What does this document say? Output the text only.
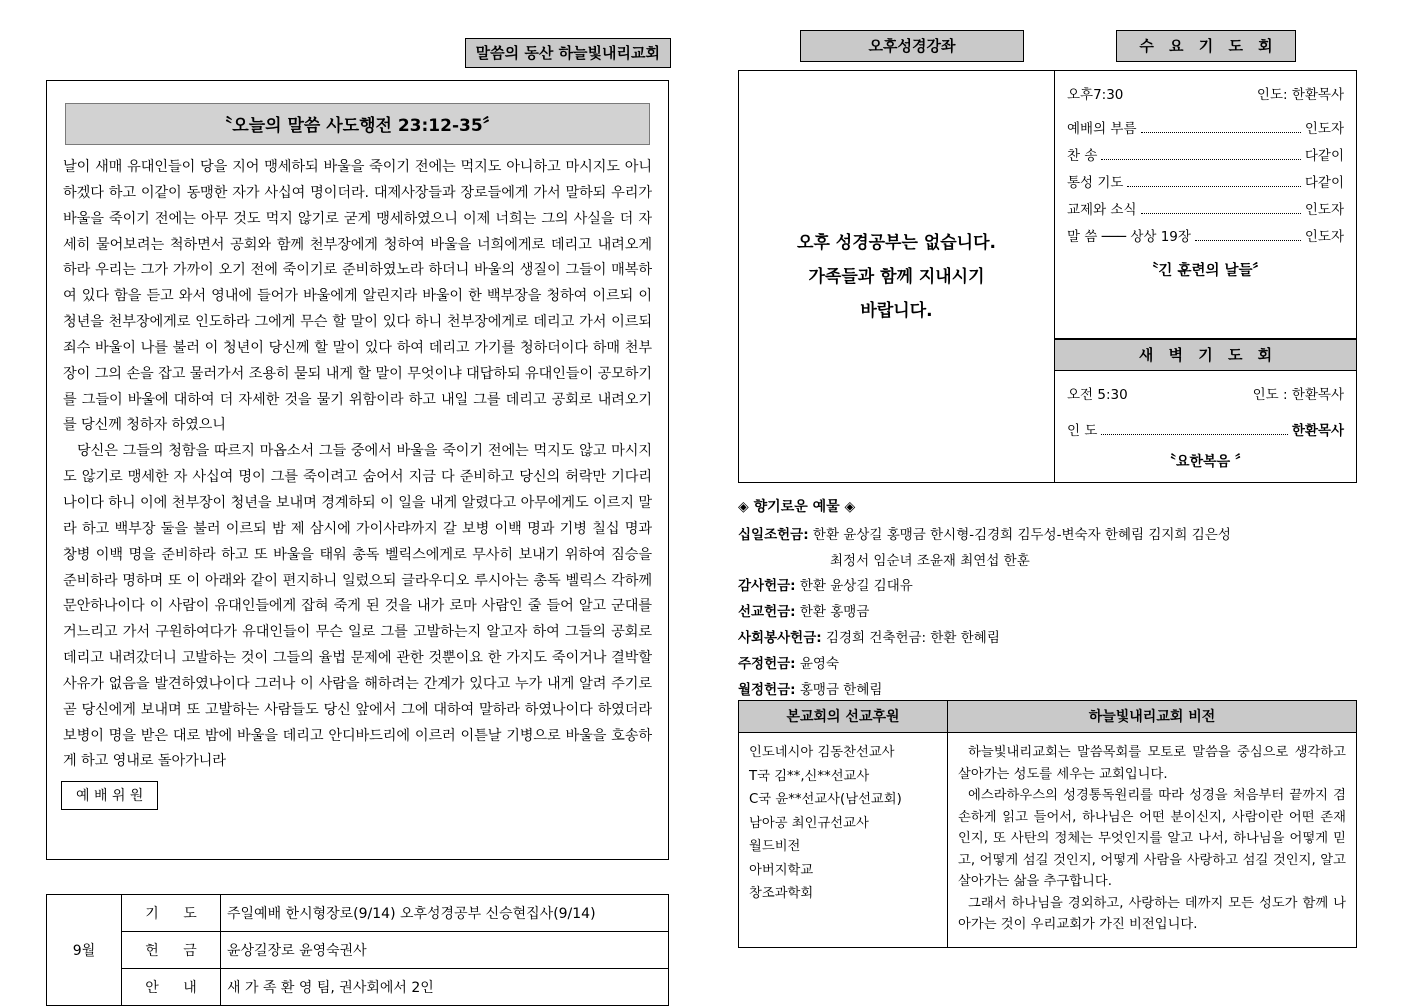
말씀의 동산 하늘빛내리교회
〝오늘의 말씀 사도행전 23:12-35〞

날이 새매 유대인들이 당을 지어 맹세하되 바울을 죽이기 전에는 먹지도 아니하고 마시지도 아니하겠다 하고 이같이 동맹한 자가 사십여 명이더라. 대제사장들과 장로들에게 가서 말하되 우리가 바울을 죽이기 전에는 아무 것도 먹지 않기로 굳게 맹세하였으니 이제 너희는 그의 사실을 더 자세히 물어보려는 척하면서 공회와 함께 천부장에게 청하여 바울을 너희에게로 데리고 내려오게 하라 우리는 그가 가까이 오기 전에 죽이기로 준비하였노라 하더니 바울의 생질이 그들이 매복하여 있다 함을 듣고 와서 영내에 들어가 바울에게 알린지라 바울이 한 백부장을 청하여 이르되 이 청년을 천부장에게로 인도하라 그에게 무슨 할 말이 있다 하니 천부장에게로 데리고 가서 이르되 죄수 바울이 나를 불러 이 청년이 당신께 할 말이 있다 하여 데리고 가기를 청하더이다 하매 천부장이 그의 손을 잡고 물러가서 조용히 묻되 내게 할 말이 무엇이냐 대답하되 유대인들이 공모하기를 그들이 바울에 대하여 더 자세한 것을 물기 위함이라 하고 내일 그를 데리고 공회로 내려오기를 당신께 청하자 하였으니

당신은 그들의 청함을 따르지 마옵소서 그들 중에서 바울을 죽이기 전에는 먹지도 않고 마시지도 않기로 맹세한 자 사십여 명이 그를 죽이려고 숨어서 지금 다 준비하고 당신의 허락만 기다리나이다 하니 이에 천부장이 청년을 보내며 경계하되 이 일을 내게 알렸다고 아무에게도 이르지 말라 하고 백부장 둘을 불러 이르되 밤 제 삼시에 가이사랴까지 갈 보병 이백 명과 기병 칠십 명과 창병 이백 명을 준비하라 하고 또 바울을 태워 총독 벨릭스에게로 무사히 보내기 위하여 짐승을 준비하라 명하며 또 이 아래와 같이 편지하니 일렀으되 글라우디오 루시아는 총독 벨릭스 각하께 문안하나이다 이 사람이 유대인들에게 잡혀 죽게 된 것을 내가 로마 사람인 줄 들어 알고 군대를 거느리고 가서 구원하여다가 유대인들이 무슨 일로 그를 고발하는지 알고자 하여 그들의 공회로 데리고 내려갔더니 고발하는 것이 그들의 율법 문제에 관한 것뿐이요 한 가지도 죽이거나 결박할 사유가 없음을 발견하였나이다 그러나 이 사람을 해하려는 간계가 있다고 누가 내게 알려 주기로 곧 당신에게 보내며 또 고발하는 사람들도 당신 앞에서 그에 대하여 말하라 하였나이다 하였더라 보병이 명을 받은 대로 밤에 바울을 데리고 안디바드리에 이르러 이튿날 기병으로 바울을 호송하게 하고 영내로 돌아가니라

예 배 위 원
9월	기 도	주일예배 한시형장로(9/14) 오후성경공부 신승현집사(9/14)
	헌 금	윤상길장로 윤영숙권사
	안 내	새 가 족 환 영 팀, 권사회에서 2인
오후성경강좌	수 요 기 도 회
오후 성경공부는 없습니다.
가족들과 함께 지내시기
바랍니다.
오후7:30	인도: 한환목사
예배의 부름	인도자
찬 송	다같이
통성 기도	다같이
교제와 소식	인도자
말 씀 ─── 상상 19장	인도자
〝긴 훈련의 날들〞
새 벽 기 도 회
오전 5:30	인도 : 한환목사
인 도	한환목사
〝요한복음 〞
◈ 향기로운 예물 ◈
십일조헌금: 한환 윤상길 홍맹금 한시형-김경희 김두성-변숙자 한혜림 김지희 김은성
최정서 임순녀 조윤재 최연섭 한훈
감사헌금: 한환 윤상길 김대유
선교헌금: 한환 홍맹금
사회봉사헌금: 김경희 건축헌금: 한환 한혜림
주정헌금: 윤영숙
월정헌금: 홍맹금 한혜림
본교회의 선교후원	하늘빛내리교회 비전

인도네시아 김동찬선교사
T국 김**,신**선교사
C국 윤**선교사(남선교회)
남아공 최인규선교사
월드비전
아버지학교
창조과학회

하늘빛내리교회는 말씀목회를 모토로 말씀을 중심으로 생각하고 살아가는 성도를 세우는 교회입니다.

에스라하우스의 성경통독원리를 따라 성경을 처음부터 끝까지 겸손하게 읽고 들어서, 하나님은 어떤 분이신지, 사람이란 어떤 존재인지, 또 사탄의 정체는 무엇인지를 알고 나서, 하나님을 어떻게 믿고, 어떻게 섬길 것인지, 어떻게 사람을 사랑하고 섬길 것인지, 알고 살아가는 삶을 추구합니다.

그래서 하나님을 경외하고, 사랑하는 데까지 모든 성도가 함께 나아가는 것이 우리교회가 가진 비전입니다.
